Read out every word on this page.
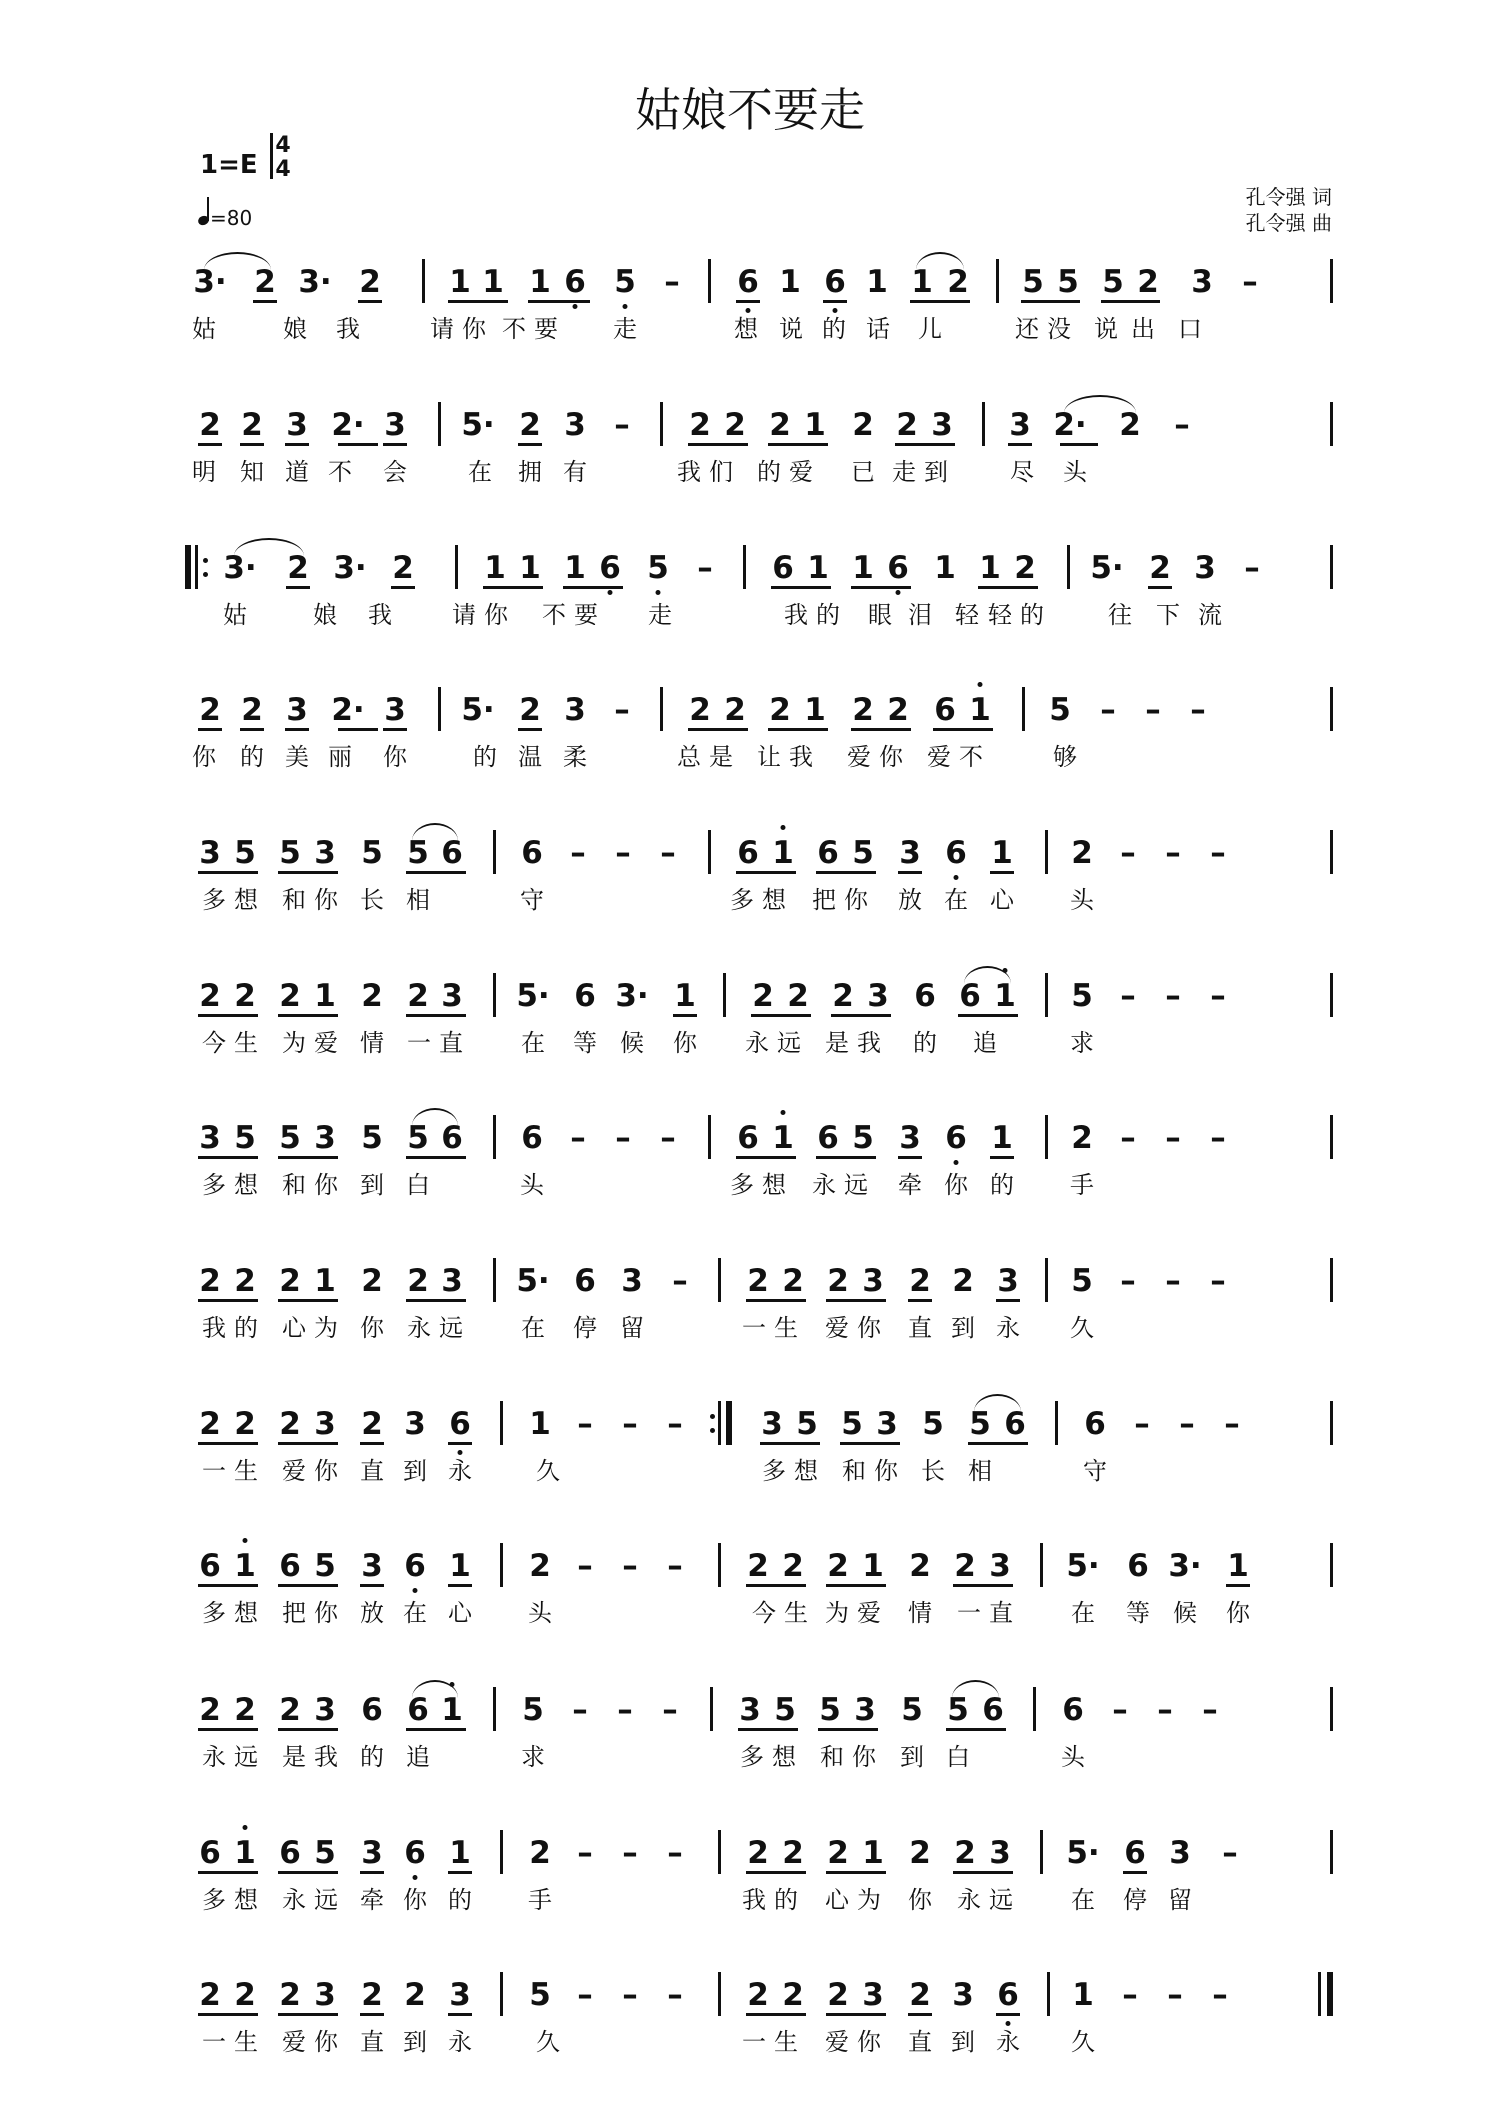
姑娘不要走
1=E
4
4
=80
孔令强 词
孔令强 曲
3· 2 3· 2 1 1 1 6 5 – 6 1 6 1 1 2 5 5 5 2 3 –
姑	娘 我	请 你 不 要 走	想 说 的 话 儿	还 没 说 出 口
2 2 3 2· 3 5· 2 3 – 2 2 2 1 2 2 3 3 2· 2 –
明 知 道 不 会	在 拥 有	我 们 的 爱 已 走 到	尽 头
3· 2 3· 2 1 1 1 6 5 – 6 1 1 6 1 1 2 5· 2 3 –
姑	娘 我	请 你 不 要 走	我 的 眼 泪 轻 轻 的	往 下 流
2 2 3 2· 3 5· 2 3 – 2 2 2 1 2 2 6 1 5 – – –
你 的 美 丽 你	的 温 柔	总 是 让 我 爱 你 爱 不	够
3 5 5 3 5 5 6 6 – – – 6 1 6 5 3 6 1 2 – – –
多 想 和 你 长 相	守	多 想 把 你 放 在 心 头
2 2 2 1 2 2 3 5· 6 3· 1 2 2 2 3 6 6 1 5 – – –
今 生 为 爱 情 一 直 在 等 候 你 永 远 是 我 的 追	求
3 5 5 3 5 5 6 6 – – – 6 1 6 5 3 6 1 2 – – –
多 想 和 你 到 白	头	多 想 永 远 牵 你 的 手
2 2 2 1 2 2 3 5· 6 3 – 2 2 2 3 2 2 3 5 – – –
我 的 心 为 你 永 远 在 停 留	一 生 爱 你 直 到 永 久
2 2 2 3 2 3 6 1 – – –	3 5 5 3 5 5 6 6 – – –
一 生 爱 你 直 到 永	久	多 想 和 你 长 相	守
6 1 6 5 3 6 1 2 – – – 2 2 2 1 2 2 3 5· 6 3· 1
多 想 把 你 放 在 心 头	今 生 为 爱 情 一 直 在 等 候 你
2 2 2 3 6 6 1 5 – – – 3 5 5 3 5 5 6 6 – – –
永 远 是 我 的 追	求	多 想 和 你 到 白	头
6 1 6 5 3 6 1 2 – – – 2 2 2 1 2 2 3 5· 6 3 –
多 想 永 远 牵 你 的 手	我 的 心 为 你 永 远 在 停 留
2 2 2 3 2 2 3 5 – – – 2 2 2 3 2 3 6 1 – – –
一 生 爱 你 直 到 永	久	一 生 爱 你 直 到 永 久
